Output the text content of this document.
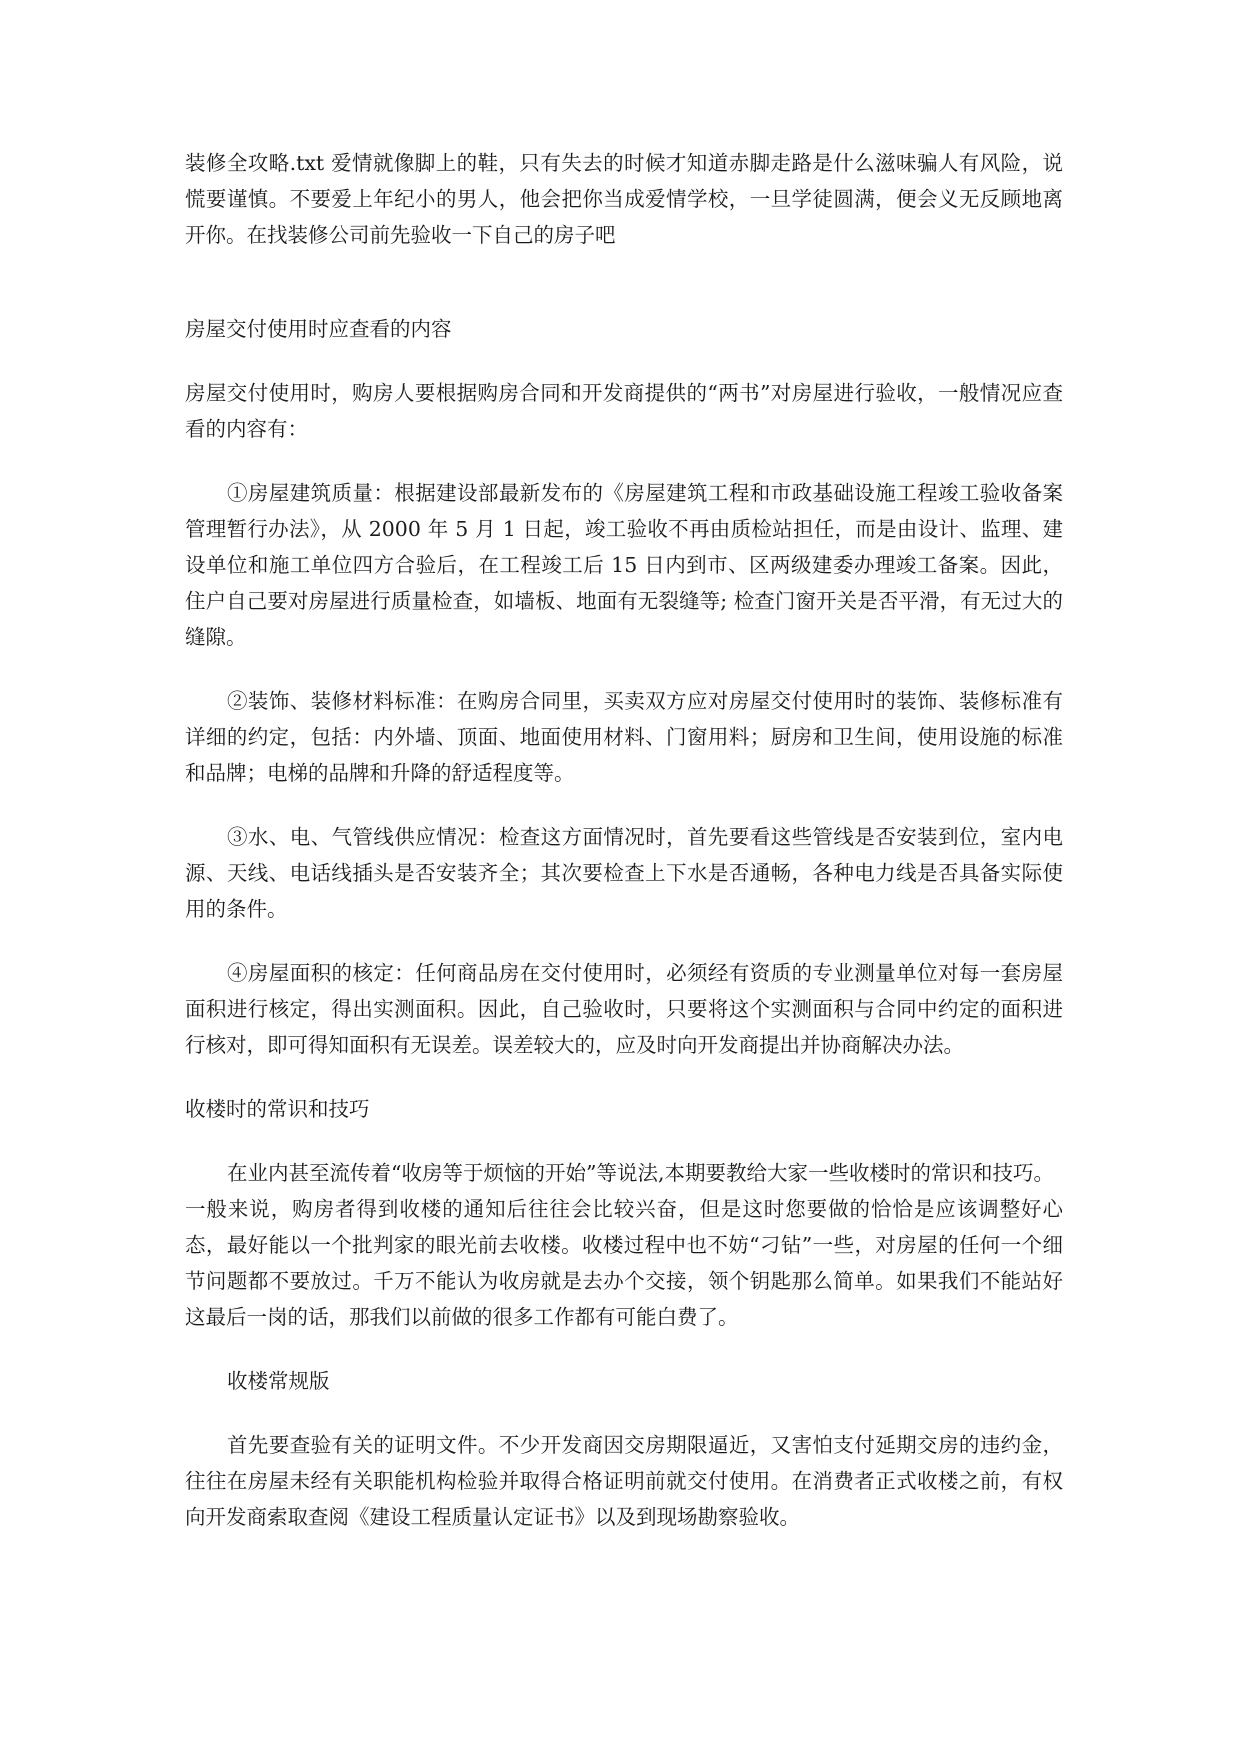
装修全攻略.txt 爱情就像脚上的鞋，只有失去的时候才知道赤脚走路是什么滋味骗人有风险，说慌要谨慎。不要爱上年纪小的男人，他会把你当成爱情学校，一旦学徒圆满，便会义无反顾地离开你。在找装修公司前先验收一下自己的房子吧

房屋交付使用时应查看的内容

房屋交付使用时，购房人要根据购房合同和开发商提供的“两书”对房屋进行验收，一般情况应查看的内容有：

①房屋建筑质量：根据建设部最新发布的《房屋建筑工程和市政基础设施工程竣工验收备案管理暂行办法》，从 2000 年 5 月 1 日起，竣工验收不再由质检站担任，而是由设计、监理、建设单位和施工单位四方合验后，在工程竣工后 15 日内到市、区两级建委办理竣工备案。因此，住户自己要对房屋进行质量检查，如墙板、地面有无裂缝等; 检查门窗开关是否平滑，有无过大的缝隙。

②装饰、装修材料标准：在购房合同里，买卖双方应对房屋交付使用时的装饰、装修标准有详细的约定，包括：内外墙、顶面、地面使用材料、门窗用料；厨房和卫生间，使用设施的标准和品牌；电梯的品牌和升降的舒适程度等。

③水、电、气管线供应情况：检查这方面情况时，首先要看这些管线是否安装到位，室内电源、天线、电话线插头是否安装齐全；其次要检查上下水是否通畅，各种电力线是否具备实际使用的条件。

④房屋面积的核定：任何商品房在交付使用时，必须经有资质的专业测量单位对每一套房屋面积进行核定，得出实测面积。因此，自己验收时，只要将这个实测面积与合同中约定的面积进行核对，即可得知面积有无误差。误差较大的，应及时向开发商提出并协商解决办法。

收楼时的常识和技巧

在业内甚至流传着“收房等于烦恼的开始”等说法,本期要教给大家一些收楼时的常识和技巧。

一般来说，购房者得到收楼的通知后往往会比较兴奋，但是这时您要做的恰恰是应该调整好心态，最好能以一个批判家的眼光前去收楼。收楼过程中也不妨“刁钻”一些，对房屋的任何一个细节问题都不要放过。千万不能认为收房就是去办个交接，领个钥匙那么简单。如果我们不能站好这最后一岗的话，那我们以前做的很多工作都有可能白费了。

收楼常规版

首先要查验有关的证明文件。不少开发商因交房期限逼近，又害怕支付延期交房的违约金，往往在房屋未经有关职能机构检验并取得合格证明前就交付使用。在消费者正式收楼之前，有权向开发商索取查阅《建设工程质量认定证书》以及到现场勘察验收。
